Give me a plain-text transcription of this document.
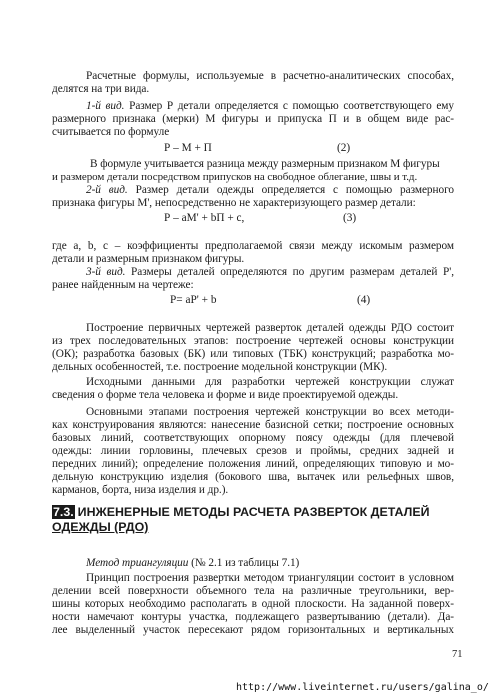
Расчетные формулы, используемые в расчетно-аналитических способах,
делятся на три вида.
1-й вид. Размер Р детали определяется с помощью соответствующего ему
размерного признака (мерки) М фигуры и припуска П и в общем виде рас-
считывается по формуле
Р – М + П	(2)
В формуле учитывается разница между размерным признаком М фигуры
и размером детали посредством припусков на свободное облегание, швы и т.д.
2-й вид. Размер детали одежды определяется с помощью размерного
признака фигуры М', непосредственно не характеризующего размер детали:
Р – аМ' + bП + с,	(3)
где а, b, с – коэффициенты предполагаемой связи между искомым размером
детали и размерным признаком фигуры.
3-й вид. Размеры деталей определяются по другим размерам деталей Р',
ранее найденным на чертеже:
Р= аР' + b	(4)
Построение первичных чертежей разверток деталей одежды РДО состоит
из трех последовательных этапов: построение чертежей основы конструкции
(ОК); разработка базовых (БК) или типовых (ТБК) конструкций; разработка мо-
дельных особенностей, т.е. построение модельной конструкции (МК).
Исходными данными для разработки чертежей конструкции служат
сведения о форме тела человека и форме и виде проектируемой одежды.
Основными этапами построения чертежей конструкции во всех методи-
ках конструирования являются: нанесение базисной сетки; построение основных
базовых линий, соответствующих опорному поясу одежды (для плечевой
одежды: линии горловины, плечевых срезов и проймы, средних задней и
передних линий); определение положения линий, определяющих типовую и мо-
дельную конструкцию изделия (бокового шва, вытачек или рельефных швов,
карманов, борта, низа изделия и др.).
7.3. ИНЖЕНЕРНЫЕ МЕТОДЫ РАСЧЕТА РАЗВЕРТОК ДЕТАЛЕЙ
ОДЕЖДЫ (РДО)
Метод триангуляции (№ 2.1 из таблицы 7.1)
Принцип построения развертки методом триангуляции состоит в условном
делении всей поверхности объемного тела на различные треугольники, вер-
шины которых необходимо располагать в одной плоскости. На заданной поверх-
ности намечают контуры участка, подлежащего развертыванию (детали). Да-
лее выделенный участок пересекают рядом горизонтальных и вертикальных
71
http://www.liveinternet.ru/users/galina_o/
